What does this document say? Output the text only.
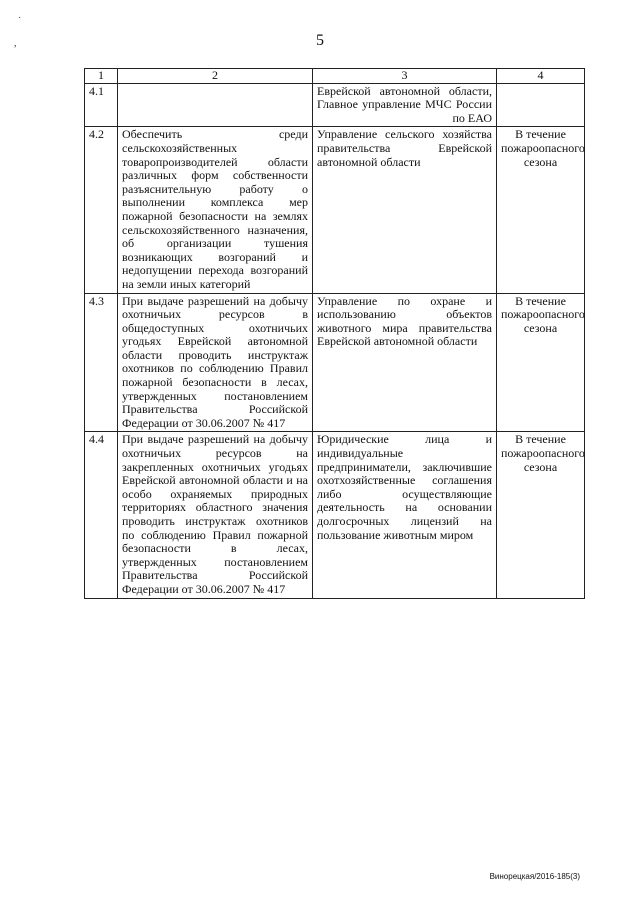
˙
,	5
1	2	3	4
4.1		Еврейской автономной области, Главное управление МЧС России по ЕАО	
4.2	Обеспечить среди сельскохозяйственных товаропроизводителей области различных форм собственности разъяснительную работу о выполнении комплекса мер пожарной безопасности на землях сельскохозяйственного назначения, об организации тушения возникающих возгораний и недопущении перехода возгораний на земли иных категорий	Управление сельского хозяйства правительства Еврейской автономной области	В течение пожароопасного сезона
4.3	При выдаче разрешений на добычу охотничьих ресурсов в общедоступных охотничьих угодьях Еврейской автономной области проводить инструктаж охотников по соблюдению Правил пожарной безопасности в лесах, утвержденных постановлением Правительства Российской Федерации от 30.06.2007 № 417	Управление по охране и использованию объектов животного мира правительства Еврейской автономной области	В течение пожароопасного сезона
4.4	При выдаче разрешений на добычу охотничьих ресурсов на закрепленных охотничьих угодьях Еврейской автономной области и на особо охраняемых природных территориях областного значения проводить инструктаж охотников по соблюдению Правил пожарной безопасности в лесах, утвержденных постановлением Правительства Российской Федерации от 30.06.2007 № 417	Юридические лица и индивидуальные предприниматели, заключившие охотхозяйственные соглашения либо осуществляющие деятельность на основании долгосрочных лицензий на пользование животным миром	В течение пожароопасного сезона
Винорецкая/2016-185(3)
